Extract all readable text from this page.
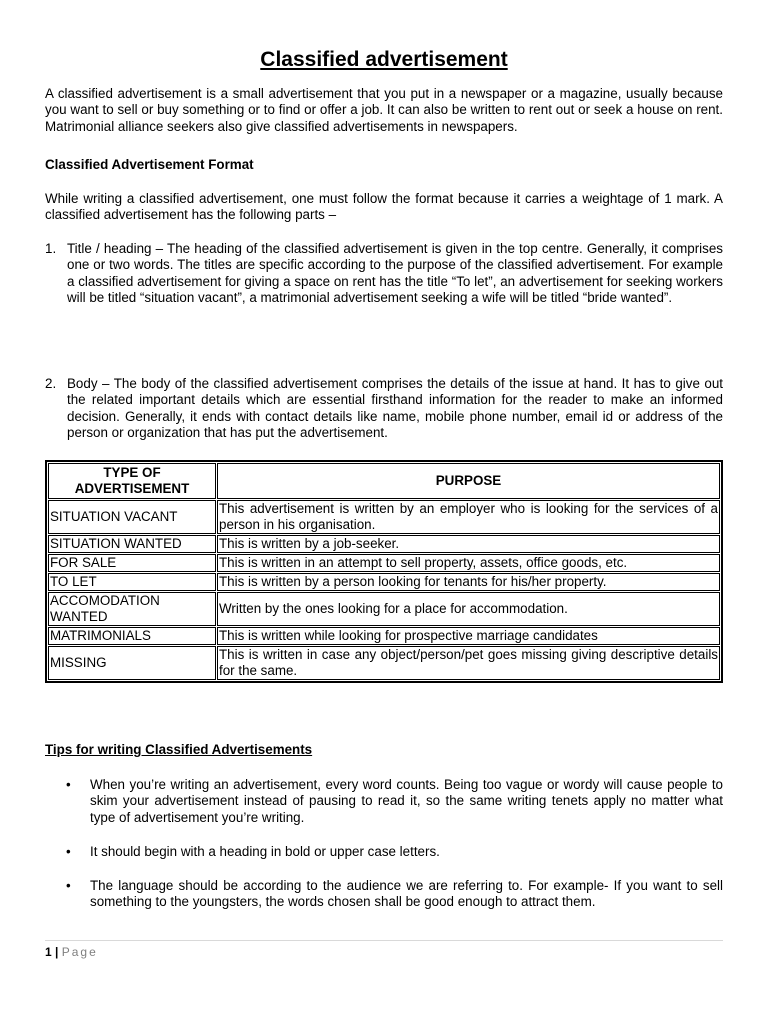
Classified advertisement

A classified advertisement is a small advertisement that you put in a newspaper or a magazine, usually because you want to sell or buy something or to find or offer a job. It can also be written to rent out or seek a house on rent. Matrimonial alliance seekers also give classified advertisements in newspapers.

Classified Advertisement Format

While writing a classified advertisement, one must follow the format because it carries a weightage of 1 mark. A classified advertisement has the following parts –

1. Title / heading – The heading of the classified advertisement is given in the top centre. Generally, it comprises one or two words. The titles are specific according to the purpose of the classified advertisement. For example a classified advertisement for giving a space on rent has the title “To let”, an advertisement for seeking workers will be titled “situation vacant”, a matrimonial advertisement seeking a wife will be titled “bride wanted”.

2. Body – The body of the classified advertisement comprises the details of the issue at hand. It has to give out the related important details which are essential firsthand information for the reader to make an informed decision. Generally, it ends with contact details like name, mobile phone number, email id or address of the person or organization that has put the advertisement.

TYPE OF ADVERTISEMENT	PURPOSE
SITUATION VACANT	This advertisement is written by an employer who is looking for the services of a person in his organisation.
SITUATION WANTED	This is written by a job-seeker.
FOR SALE	This is written in an attempt to sell property, assets, office goods, etc.
TO LET	This is written by a person looking for tenants for his/her property.
ACCOMODATION WANTED	Written by the ones looking for a place for accommodation.
MATRIMONIALS	This is written while looking for prospective marriage candidates
MISSING	This is written in case any object/person/pet goes missing giving descriptive details for the same.

Tips for writing Classified Advertisements

• When you’re writing an advertisement, every word counts. Being too vague or wordy will cause people to skim your advertisement instead of pausing to read it, so the same writing tenets apply no matter what type of advertisement you’re writing.
• It should begin with a heading in bold or upper case letters.
• The language should be according to the audience we are referring to. For example- If you want to sell something to the youngsters, the words chosen shall be good enough to attract them.
1 | Page
